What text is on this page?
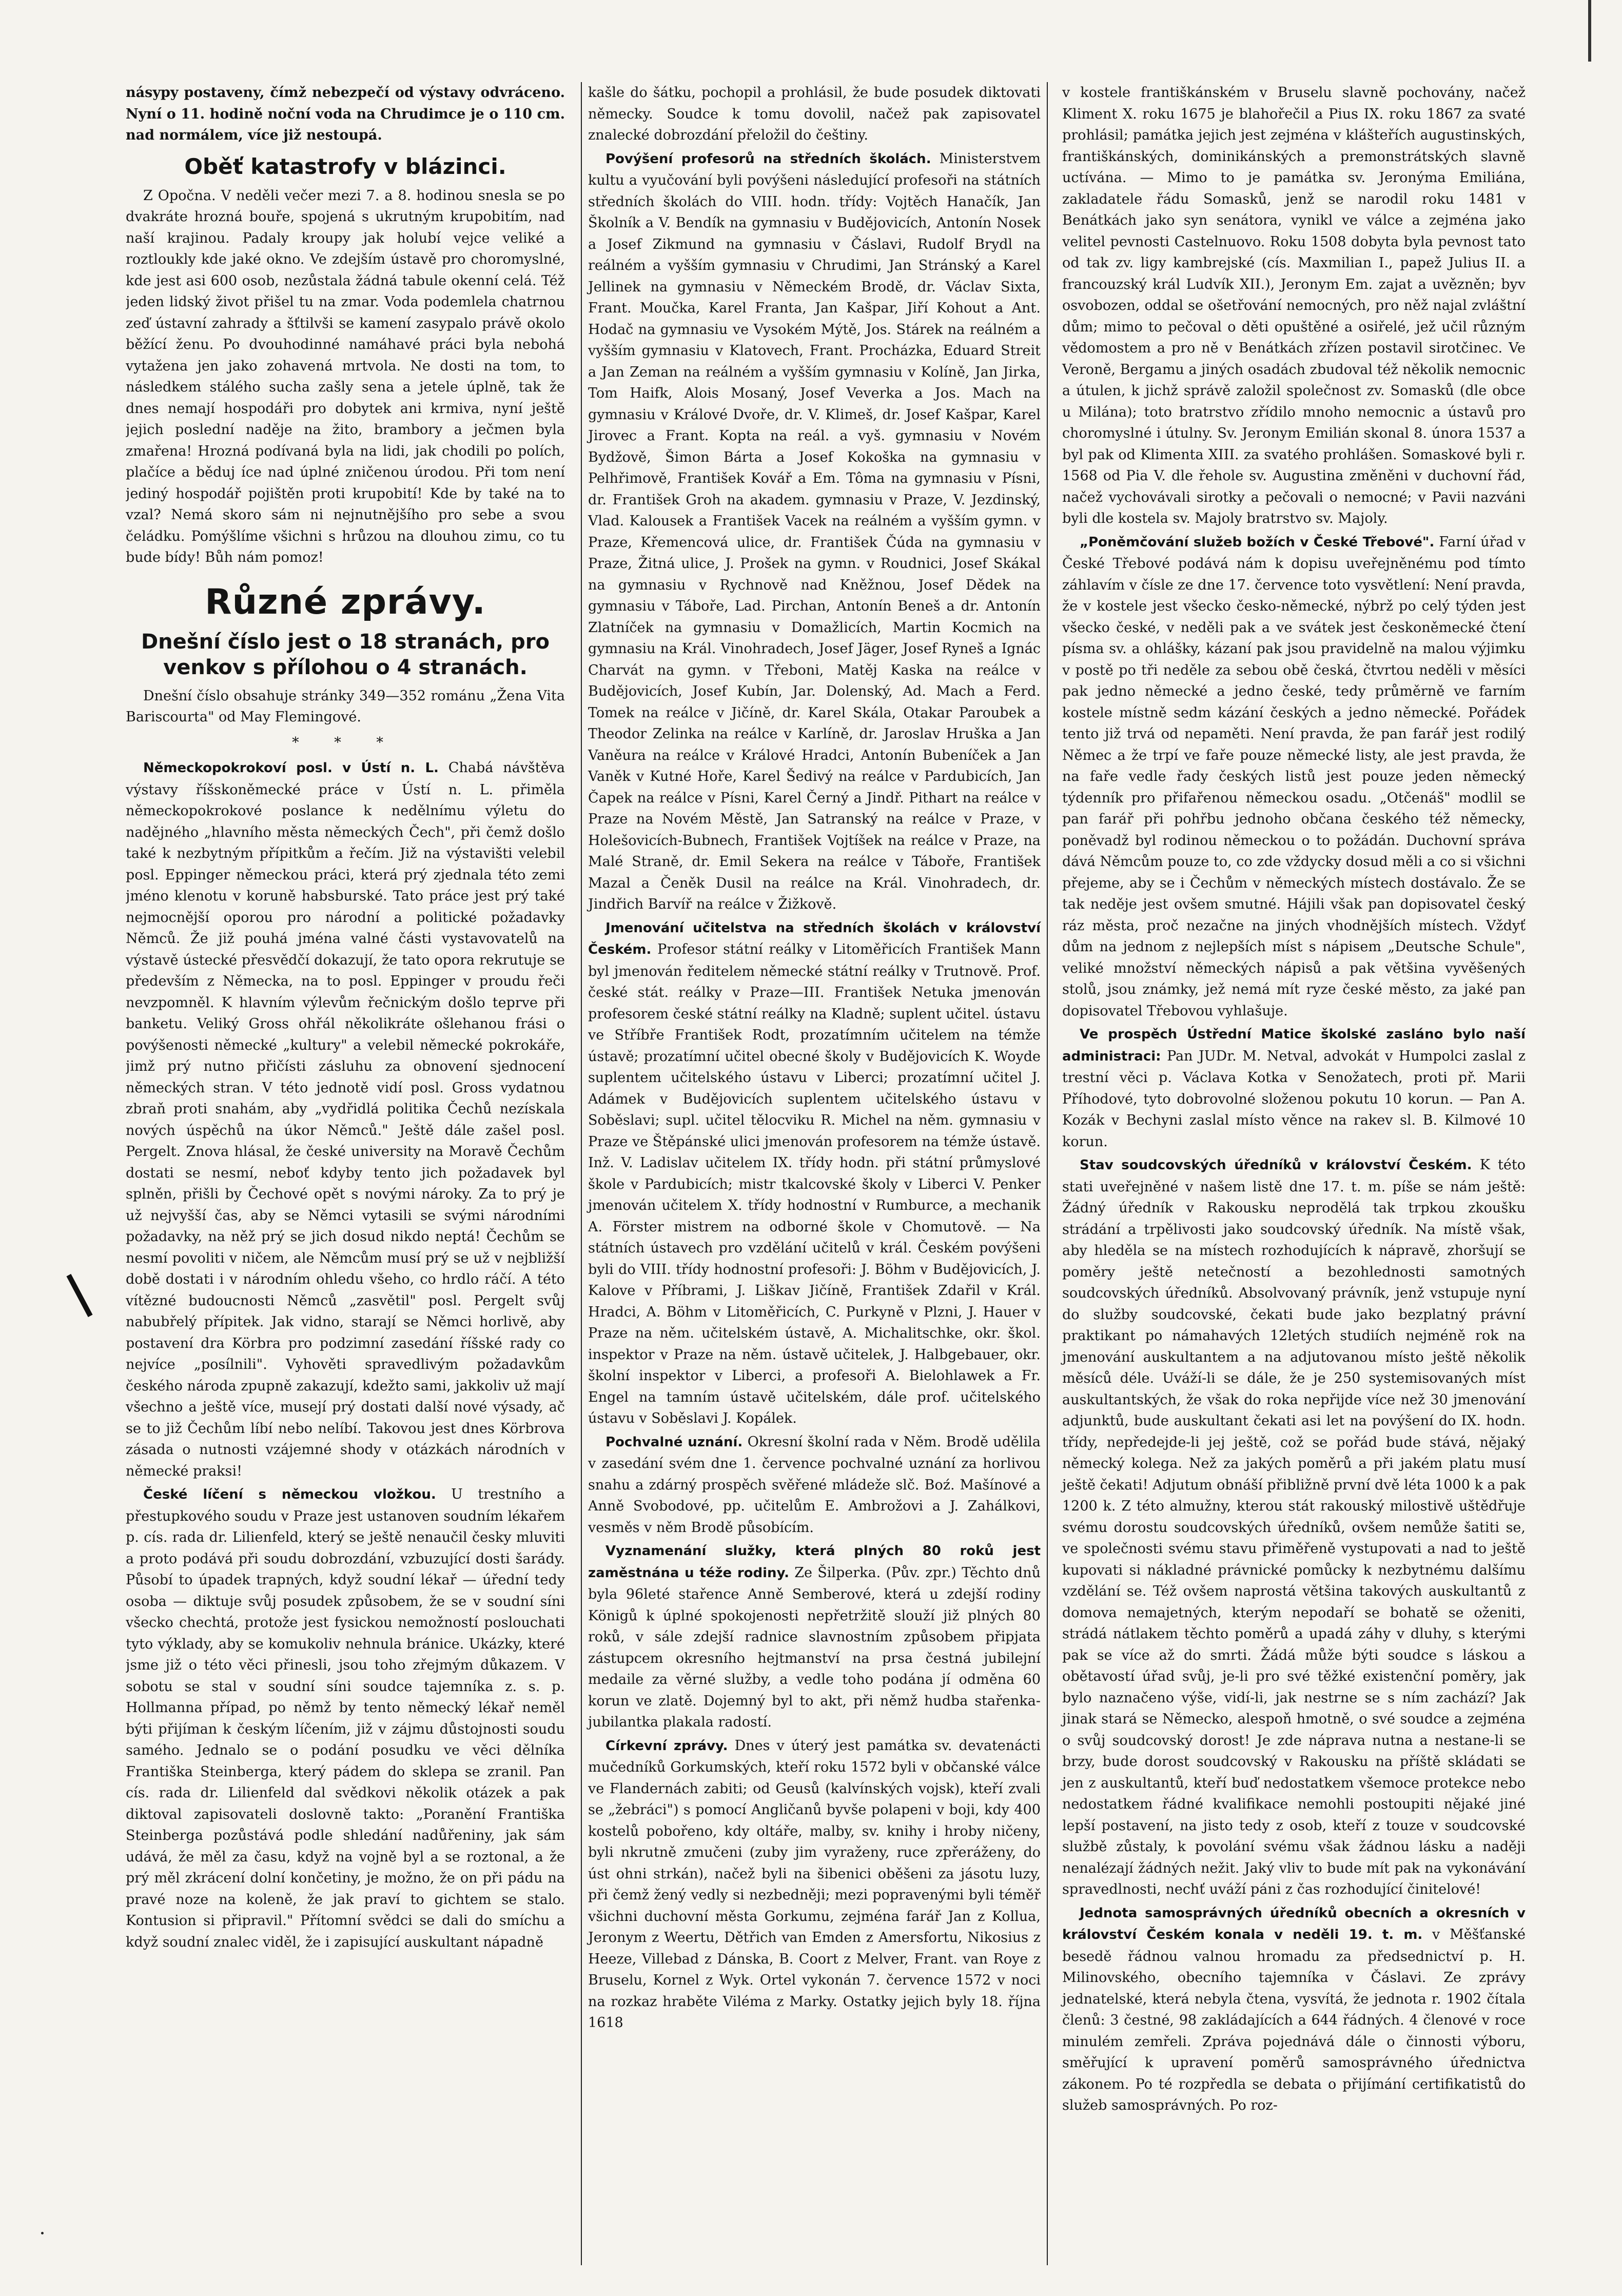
násypy postaveny, čímž nebezpečí od výstavy odvráceno. Nyní o 11. hodině noční voda na Chrudimce je o 110 cm. nad normálem, více již nestoupá.

Oběť katastrofy v blázinci.

Z Opočna. V neděli večer mezi 7. a 8. hodinou snesla se po dvakráte hrozná bouře, spojená s ukrutným krupobitím, nad naší krajinou. Padaly kroupy jak holubí vejce veliké a roztloukly kde jaké okno. Ve zdejším ústavě pro choromyslné, kde jest asi 600 osob, nezůstala žádná tabule okenní celá. Též jeden lidský život přišel tu na zmar. Voda podemlela chatrnou zeď ústavní zahrady a šťtilvši se kamení zasypalo právě okolo běžící ženu. Po dvouhodinné namáhavé práci byla nebohá vytažena jen jako zohavená mrtvola. Ne dosti na tom, to následkem stálého sucha zašly sena a jetele úplně, tak že dnes nemají hospodáři pro dobytek ani krmiva, nyní ještě jejich poslední naděje na žito, brambory a ječmen byla zmařena! Hrozná podívaná byla na lidi, jak chodili po polích, plačíce a běduj íce nad úplné zničenou úrodou. Při tom není jediný hospodář pojištěn proti krupobití! Kde by také na to vzal? Nemá skoro sám ni nejnutnějšího pro sebe a svou čeládku. Pomýšlíme všichni s hrůzou na dlouhou zimu, co tu bude bídy! Bůh nám pomoz!

Různé zprávy.
Dnešní číslo jest o 18 stranách, pro venkov s přílohou o 4 stranách.

Dnešní číslo obsahuje stránky 349—352 románu „Žena Vita Bariscourta" od May Flemingové.

* * *

Německopokrokoví posl. v Ústí n. L. Chabá návštěva výstavy říšskoněmecké práce v Ústí n. L. přiměla německopokrokové poslance k nedělnímu výletu do nadějného „hlavního města německých Čech", při čemž došlo také k nezbytným přípitkům a řečím. Již na výstavišti velebil posl. Eppinger německou práci, která prý zjednala této zemi jméno klenotu v koruně habsburské. Tato práce jest prý také nejmocnější oporou pro národní a politické požadavky Němců. Že již pouhá jména valné části vystavovatelů na výstavě ústecké přesvědčí dokazují, že tato opora rekrutuje se především z Německa, na to posl. Eppinger v proudu řeči nevzpomněl. K hlavním výlevům řečnickým došlo teprve při banketu. Veliký Gross ohřál několikráte ošlehanou frási o povýšenosti německé „kultury" a velebil německé pokrokáře, jimž prý nutno přičísti zásluhu za obnovení sjednocení německých stran. V této jednotě vidí posl. Gross vydatnou zbraň proti snahám, aby „vydřidlá politika Čechů nezískala nových úspěchů na úkor Němců." Ještě dále zašel posl. Pergelt. Znova hlásal, že české university na Moravě Čechům dostati se nesmí, neboť kdyby tento jich požadavek byl splněn, přišli by Čechové opět s novými nároky. Za to prý je už nejvyšší čas, aby se Němci vytasili se svými národními požadavky, na něž prý se jich dosud nikdo neptá! Čechům se nesmí povoliti v ničem, ale Němcům musí prý se už v nejbližší době dostati i v národním ohledu všeho, co hrdlo ráčí. A této vítězné budoucnosti Němců „zasvětil" posl. Pergelt svůj nabubřelý přípitek. Jak vidno, starají se Němci horlivě, aby postavení dra Körbra pro podzimní zasedání říšské rady co nejvíce „posílnili". Vyhověti spravedlivým požadavkům českého národa zpupně zakazují, kdežto sami, jakkoliv už mají všechno a ještě více, musejí prý dostati další nové výsady, ač se to již Čechům líbí nebo nelíbí. Takovou jest dnes Körbrova zásada o nutnosti vzájemné shody v otázkách národních v německé praksi!

České líčení s německou vložkou. U trestního a přestupkového soudu v Praze jest ustanoven soudním lékařem p. cís. rada dr. Lilienfeld, který se ještě nenaučil česky mluviti a proto podává při soudu dobrozdání, vzbuzující dosti šarády. Působí to úpadek trapných, když soudní lékař — úřední tedy osoba — diktuje svůj posudek způsobem, že se v soudní síni všecko chechtá, protože jest fysickou nemožností poslouchati tyto výklady, aby se komukoliv nehnula bránice. Ukázky, které jsme již o této věci přinesli, jsou toho zřejmým důkazem. V sobotu se stal v soudní síni soudce tajemníka z. s. p. Hollmanna případ, po němž by tento německý lékař neměl býti přijíman k českým líčením, již v zájmu důstojnosti soudu samého. Jednalo se o podání posudku ve věci dělníka Františka Steinberga, který pádem do sklepa se zranil. Pan cís. rada dr. Lilienfeld dal svědkovi několik otázek a pak diktoval zapisovateli doslovně takto: „Poranění Františka Steinberga pozůstává podle shledání nadůřeniny, jak sám udává, že měl za času, když na vojně byl a se roztonal, a že prý měl zkrácení dolní končetiny, je možno, že on při pádu na pravé noze na koleně, že jak praví to gichtem se stalo. Kontusion si připravil." Přítomní svědci se dali do smíchu a když soudní znalec viděl, že i zapisující auskultant nápadně

kašle do šátku, pochopil a prohlásil, že bude posudek diktovati německy. Soudce k tomu dovolil, načež pak zapisovatel znalecké dobrozdání přeložil do češtiny.

Povýšení profesorů na středních školách. Ministerstvem kultu a vyučování byli povýšeni následující profesoři na státních středních školách do VIII. hodn. třídy: Vojtěch Hanačík, Jan Školník a V. Bendík na gymnasiu v Budějovicích, Antonín Nosek a Josef Zikmund na gymnasiu v Čáslavi, Rudolf Brydl na reálném a vyšším gymnasiu v Chrudimi, Jan Stránský a Karel Jellinek na gymnasiu v Německém Brodě, dr. Václav Sixta, Frant. Moučka, Karel Franta, Jan Kašpar, Jiří Kohout a Ant. Hodač na gymnasiu ve Vysokém Mýtě, Jos. Stárek na reálném a vyšším gymnasiu v Klatovech, Frant. Procházka, Eduard Streit a Jan Zeman na reálném a vyšším gymnasiu v Kolíně, Jan Jirka, Tom Haifk, Alois Mosaný, Josef Veverka a Jos. Mach na gymnasiu v Králové Dvoře, dr. V. Klimeš, dr. Josef Kašpar, Karel Jirovec a Frant. Kopta na reál. a vyš. gymnasiu v Novém Bydžově, Šimon Bárta a Josef Kokoška na gymnasiu v Pelhřimově, František Kovář a Em. Tôma na gymnasiu v Písni, dr. František Groh na akadem. gymnasiu v Praze, V. Jezdinský, Vlad. Kalousek a František Vacek na reálném a vyšším gymn. v Praze, Křemencová ulice, dr. František Čúda na gymnasiu v Praze, Žitná ulice, J. Prošek na gymn. v Roudnici, Josef Skákal na gymnasiu v Rychnově nad Kněžnou, Josef Dědek na gymnasiu v Táboře, Lad. Pirchan, Antonín Beneš a dr. Antonín Zlatníček na gymnasiu v Domažlicích, Martin Kocmich na gymnasiu na Král. Vinohradech, Josef Jäger, Josef Ryneš a Ignác Charvát na gymn. v Třeboni, Matěj Kaska na reálce v Budějovicích, Josef Kubín, Jar. Dolenský, Ad. Mach a Ferd. Tomek na reálce v Jičíně, dr. Karel Skála, Otakar Paroubek a Theodor Zelinka na reálce v Karlíně, dr. Jaroslav Hruška a Jan Vaněura na reálce v Králové Hradci, Antonín Bubeníček a Jan Vaněk v Kutné Hoře, Karel Šedivý na reálce v Pardubicích, Jan Čapek na reálce v Písni, Karel Černý a Jindř. Pithart na reálce v Praze na Novém Městě, Jan Satranský na reálce v Praze, v Holešovicích-Bubnech, František Vojtíšek na reálce v Praze, na Malé Straně, dr. Emil Sekera na reálce v Táboře, František Mazal a Čeněk Dusil na reálce na Král. Vinohradech, dr. Jindřich Barvíř na reálce v Žižkově.

Jmenování učitelstva na středních školách v království Českém. Profesor státní reálky v Litoměřicích František Mann byl jmenován ředitelem německé státní reálky v Trutnově. Prof. české stát. reálky v Praze—III. František Netuka jmenován profesorem české státní reálky na Kladně; suplent učitel. ústavu ve Stříbře František Rodt, prozatímním učitelem na témže ústavě; prozatímní učitel obecné školy v Budějovicích K. Woyde suplentem učitelského ústavu v Liberci; prozatímní učitel J. Adámek v Budějovicích suplentem učitelského ústavu v Soběslavi; supl. učitel tělocviku R. Michel na něm. gymnasiu v Praze ve Štěpánské ulici jmenován profesorem na témže ústavě. Inž. V. Ladislav učitelem IX. třídy hodn. při státní průmyslové škole v Pardubicích; mistr tkalcovské školy v Liberci V. Penker jmenován učitelem X. třídy hodnostní v Rumburce, a mechanik A. Förster mistrem na odborné škole v Chomutově. — Na státních ústavech pro vzdělání učitelů v král. Českém povýšeni byli do VIII. třídy hodnostní profesoři: J. Böhm v Budějovicích, J. Kalove v Příbrami, J. Liškav Jičíně, František Zdařil v Král. Hradci, A. Böhm v Litoměřicích, C. Purkyně v Plzni, J. Hauer v Praze na něm. učitelském ústavě, A. Michalitschke, okr. škol. inspektor v Praze na něm. ústavě učitelek, J. Halbgebauer, okr. školní inspektor v Liberci, a profesoři A. Bielohlawek a Fr. Engel na tamním ústavě učitelském, dále prof. učitelského ústavu v Soběslavi J. Kopálek.

Pochvalné uznání. Okresní školní rada v Něm. Brodě udělila v zasedání svém dne 1. července pochvalné uznání za horlivou snahu a zdárný prospěch svěřené mládeže slč. Boź. Mašínové a Anně Svobodové, pp. učitelům E. Ambrožovi a J. Zahálkovi, vesměs v něm Brodě působícím.

Vyznamenání služky, která plných 80 roků jest zaměstnána u téže rodiny. Ze Šilperka. (Pův. zpr.) Těchto dnů byla 96leté stařence Anně Semberové, která u zdejší rodiny Königů k úplné spokojenosti nepřetržitě slouží již plných 80 roků, v sále zdejší radnice slavnostním způsobem připjata zástupcem okresního hejtmanství na prsa čestná jubilejní medaile za věrné služby, a vedle toho podána jí odměna 60 korun ve zlatě. Dojemný byl to akt, při němž hudba stařenka-jubilantka plakala radostí.

Církevní zprávy. Dnes v úterý jest památka sv. devatenácti mučedníků Gorkumských, kteří roku 1572 byli v občanské válce ve Flandernách zabiti; od Geusů (kalvínských vojsk), kteří zvali se „žebráci") s pomocí Angličanů byvše polapeni v boji, kdy 400 kostelů pobořeno, kdy oltáře, malby, sv. knihy i hroby ničeny, byli nkrutně zmučeni (zuby jim vyraženy, ruce zpřeráženy, do úst ohni strkán), načež byli na šibenici oběšeni za jásotu luzy, při čemž žený vedly si nezbedněji; mezi popravenými byli téměř všichni duchovní města Gorkumu, zejména farář Jan z Kollua, Jeronym z Weertu, Dětřich van Emden z Amersfortu, Nikosius z Heeze, Villebad z Dánska, B. Coort z Melver, Frant. van Roye z Bruselu, Kornel z Wyk. Ortel vykonán 7. července 1572 v noci na rozkaz hraběte Viléma z Marky. Ostatky jejich byly 18. října 1618

v kostele františkánském v Bruselu slavně pochovány, načež Kliment X. roku 1675 je blahořečil a Pius IX. roku 1867 za svaté prohlásil; památka jejich jest zejména v klášteřích augustinských, františkánských, dominikánských a premonstrátských slavně uctívána. — Mimo to je památka sv. Jeronýma Emiliána, zakladatele řádu Somasků, jenž se narodil roku 1481 v Benátkách jako syn senátora, vynikl ve válce a zejména jako velitel pevnosti Castelnuovo. Roku 1508 dobyta byla pevnost tato od tak zv. ligy kambrejské (cís. Maxmilian I., papež Julius II. a francouzský král Ludvík XII.), Jeronym Em. zajat a uvězněn; byv osvobozen, oddal se ošetřování nemocných, pro něž najal zvláštní dům; mimo to pečoval o děti opuštěné a osiřelé, jež učil různým vědomostem a pro ně v Benátkách zřízen postavil sirotčinec. Ve Veroně, Bergamu a jiných osadách zbudoval též několik nemocnic a útulen, k jichž správě založil společnost zv. Somasků (dle obce u Milána); toto bratrstvo zřídilo mnoho nemocnic a ústavů pro choromyslné i útulny. Sv. Jeronym Emilián skonal 8. února 1537 a byl pak od Klimenta XIII. za svatého prohlášen. Somaskové byli r. 1568 od Pia V. dle řehole sv. Augustina změněni v duchovní řád, načež vychovávali sirotky a pečovali o nemocné; v Pavii nazváni byli dle kostela sv. Majoly bratrstvo sv. Majoly.

„Poněmčování služeb božích v České Třebové". Farní úřad v České Třebové podává nám k dopisu uveřejněnému pod tímto záhlavím v čísle ze dne 17. července toto vysvětlení: Není pravda, že v kostele jest všecko česko-německé, nýbrž po celý týden jest všecko české, v neděli pak a ve svátek jest českoněmecké čtení písma sv. a ohlášky, kázaní pak jsou pravidelně na malou výjimku v postě po tři neděle za sebou obě česká, čtvrtou neděli v měsíci pak jedno německé a jedno české, tedy průměrně ve farním kostele místně sedm kázání českých a jedno německé. Pořádek tento již trvá od nepaměti. Není pravda, že pan farář jest rodilý Němec a že trpí ve faře pouze německé listy, ale jest pravda, že na faře vedle řady českých listů jest pouze jeden německý týdenník pro přifařenou německou osadu. „Otčenáš" modlil se pan farář při pohřbu jednoho občana českého též německy, poněvadž byl rodinou německou o to požádán. Duchovní správa dává Němcům pouze to, co zde vždycky dosud měli a co si všichni přejeme, aby se i Čechům v německých místech dostávalo. Že se tak neděje jest ovšem smutné. Hájili však pan dopisovatel český ráz města, proč nezačne na jiných vhodnějších místech. Vždyť dům na jednom z nejlepších míst s nápisem „Deutsche Schule", veliké množství německých nápisů a pak většina vyvěšených stolů, jsou známky, jež nemá mít ryze české město, za jaké pan dopisovatel Třebovou vyhlašuje.

Ve prospěch Ústřední Matice školské zasláno bylo naší administraci: Pan JUDr. M. Netval, advokát v Humpolci zaslal z trestní věci p. Václava Kotka v Senožatech, proti př. Marii Příhodové, tyto dobrovolné složenou pokutu 10 korun. — Pan A. Kozák v Bechyni zaslal místo věnce na rakev sl. B. Kilmové 10 korun.

Stav soudcovských úředníků v království Českém. K této stati uveřejněné v našem listě dne 17. t. m. píše se nám ještě: Žádný úředník v Rakousku neprodělá tak trpkou zkoušku strádání a trpělivosti jako soudcovský úředník. Na místě však, aby hleděla se na místech rozhodujících k nápravě, zhoršují se poměry ještě netečností a bezohlednosti samotných soudcovských úředníků. Absolvovaný právník, jenž vstupuje nyní do služby soudcovské, čekati bude jako bezplatný právní praktikant po námahavých 12letých studiích nejméně rok na jmenování auskultantem a na adjutovanou místo ještě několik měsíců déle. Uváží-li se dále, že je 250 systemisovaných míst auskultantských, že však do roka nepřijde více než 30 jmenování adjunktů, bude auskultant čekati asi let na povýšení do IX. hodn. třídy, nepředejde-li jej ještě, což se pořád bude stává, nějaký německý kolega. Než za jakých poměrů a při jakém platu musí ještě čekati! Adjutum obnáší přibližně první dvě léta 1000 k a pak 1200 k. Z této almužny, kterou stát rakouský milostivě uštědřuje svému dorostu soudcovských úředníků, ovšem nemůže šatiti se, ve společnosti svému stavu přiměřeně vystupovati a nad to ještě kupovati si nákladné právnické pomůcky k nezbytnému dalšímu vzdělání se. Též ovšem naprostá většina takových auskultantů z domova nemajetných, kterým nepodaří se bohatě se oženiti, strádá nátlakem těchto poměrů a upadá záhy v dluhy, s kterými pak se více až do smrti. Žádá může býti soudce s láskou a obětavostí úřad svůj, je-li pro své těžké existenční poměry, jak bylo naznačeno výše, vidí-li, jak nestrne se s ním zachází? Jak jinak stará se Německo, alespoň hmotně, o své soudce a zejména o svůj soudcovský dorost! Je zde náprava nutna a nestane-li se brzy, bude dorost soudcovský v Rakousku na příště skládati se jen z auskultantů, kteří buď nedostatkem všemoce protekce nebo nedostatkem řádné kvalifikace nemohli postoupiti nějaké jiné lepší postavení, na jisto tedy z osob, kteří z touze v soudcovské službě zůstaly, k povolání svému však žádnou lásku a naději nenalézají žádných nežit. Jaký vliv to bude mít pak na vykonávání spravedlnosti, nechť uváží páni z čas rozhodující činitelové!

Jednota samosprávných úředníků obecních a okresních v království Českém konala v neděli 19. t. m. v Měšťanské besedě řádnou valnou hromadu za předsednictví p. H. Milinovského, obecního tajemníka v Čáslavi. Ze zprávy jednatelské, která nebyla čtena, vysvítá, že jednota r. 1902 čítala členů: 3 čestné, 98 zakládajících a 644 řádných. 4 členové v roce minulém zemřeli. Zpráva pojednává dále o činnosti výboru, směřující k upravení poměrů samosprávného úřednictva zákonem. Po té rozpředla se debata o přijímání certifikatistů do služeb samosprávných. Po roz-
